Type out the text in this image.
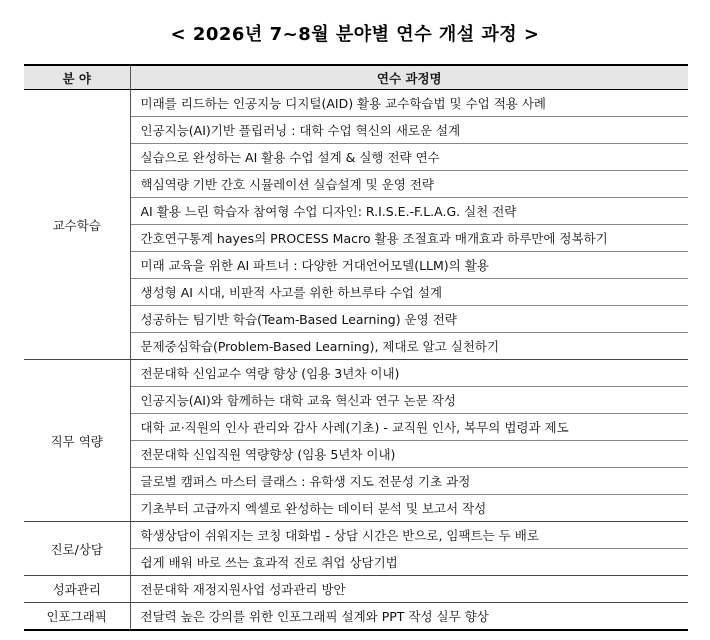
< 2026년 7~8월 분야별 연수 개설 과정 >
분 야	연수 과정명
교수학습	미래를 리드하는 인공지능 디지털(AID) 활용 교수학습법 및 수업 적용 사례
	인공지능(AI)기반 플립러닝 : 대학 수업 혁신의 새로운 설계
	실습으로 완성하는 AI 활용 수업 설계 & 실행 전략 연수
	핵심역량 기반 간호 시뮬레이션 실습설계 및 운영 전략
	AI 활용 느린 학습자 참여형 수업 디자인: R.I.S.E.-F.L.A.G. 실천 전략
	간호연구통계 hayes의 PROCESS Macro 활용 조절효과 매개효과 하루만에 정복하기
	미래 교육을 위한 AI 파트너 : 다양한 거대언어모델(LLM)의 활용
	생성형 AI 시대, 비판적 사고를 위한 하브루타 수업 설계
	성공하는 팀기반 학습(Team-Based Learning) 운영 전략
	문제중심학습(Problem-Based Learning), 제대로 알고 실천하기
직무 역량	전문대학 신임교수 역량 향상 (임용 3년차 이내)
	인공지능(AI)와 함께하는 대학 교육 혁신과 연구 논문 작성
	대학 교·직원의 인사 관리와 감사 사례(기초) - 교직원 인사, 복무의 법령과 제도
	전문대학 신입직원 역량향상 (임용 5년차 이내)
	글로벌 캠퍼스 마스터 클래스 : 유학생 지도 전문성 기초 과정
	기초부터 고급까지 엑셀로 완성하는 데이터 분석 및 보고서 작성
진로/상담	학생상담이 쉬워지는 코칭 대화법 - 상담 시간은 반으로, 임팩트는 두 배로
	쉽게 배워 바로 쓰는 효과적 진로 취업 상담기법
성과관리	전문대학 재정지원사업 성과관리 방안
인포그래픽	전달력 높은 강의를 위한 인포그래픽 설계와 PPT 작성 실무 향상
